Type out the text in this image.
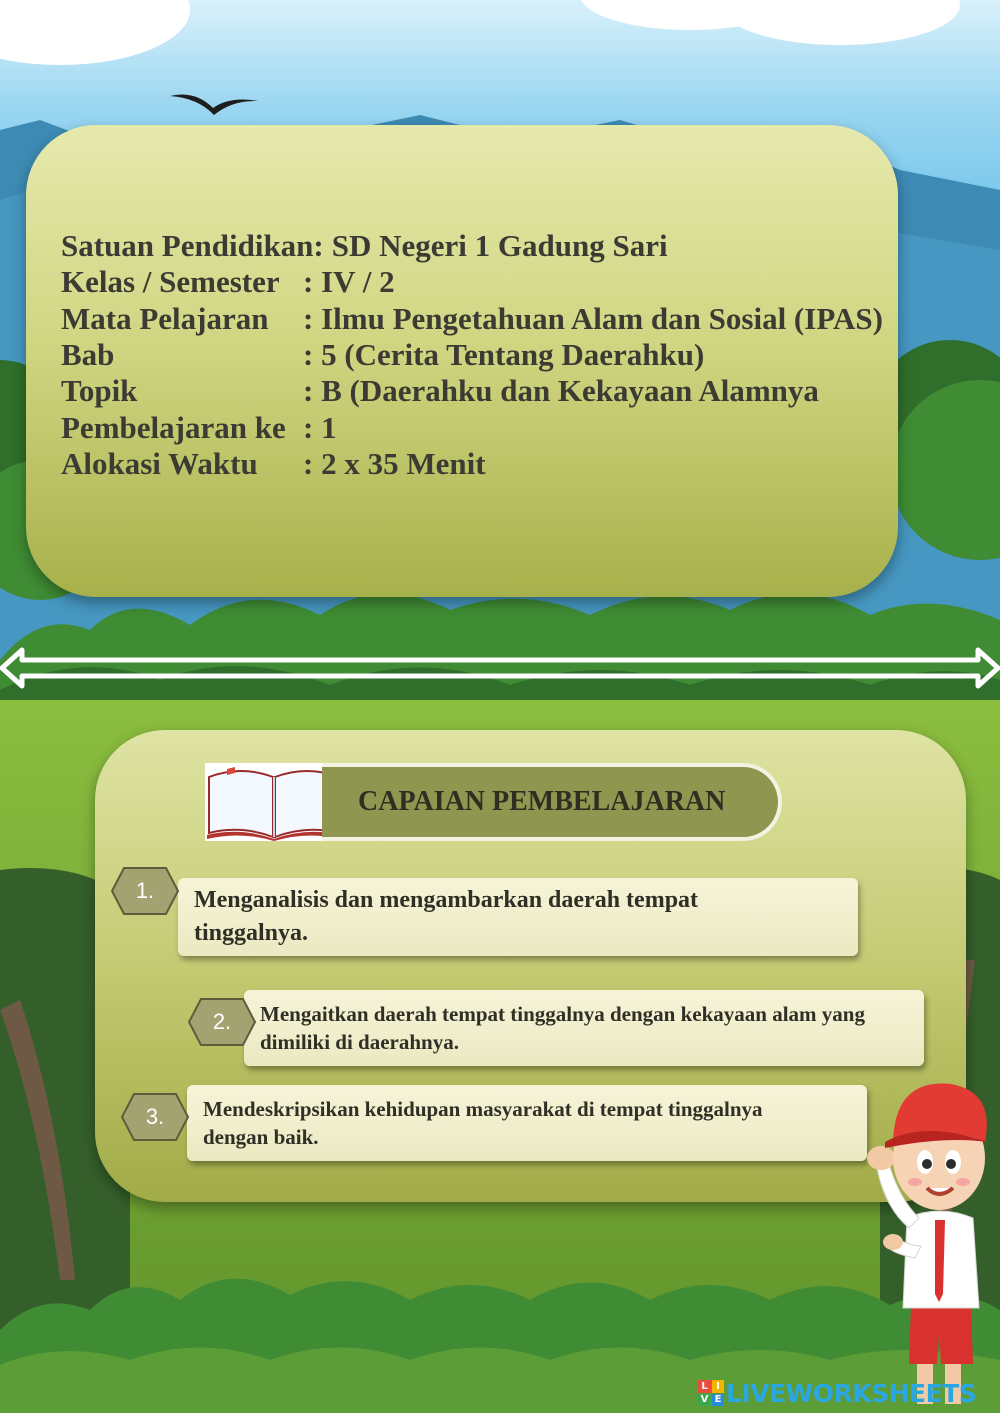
Satuan Pendidikan: SD Negeri 1 Gadung Sari
Kelas / Semester : IV / 2
Mata Pelajaran	: Ilmu Pengetahuan Alam dan Sosial (IPAS)
Bab	: 5 (Cerita Tentang Daerahku)
Topik	: B (Daerahku dan Kekayaan Alamnya
Pembelajaran ke : 1
Alokasi Waktu	: 2 x 35 Menit
CAPAIAN PEMBELAJARAN
Menganalisis dan mengambarkan daerah tempat
tinggalnya.
1.
Mengaitkan daerah tempat tinggalnya dengan kekayaan alam yang
dimiliki di daerahnya.
2.
Mendeskripsikan kehidupan masyarakat di tempat tinggalnya
dengan baik.
3.
L I
V E LIVEWORKSHEETS
